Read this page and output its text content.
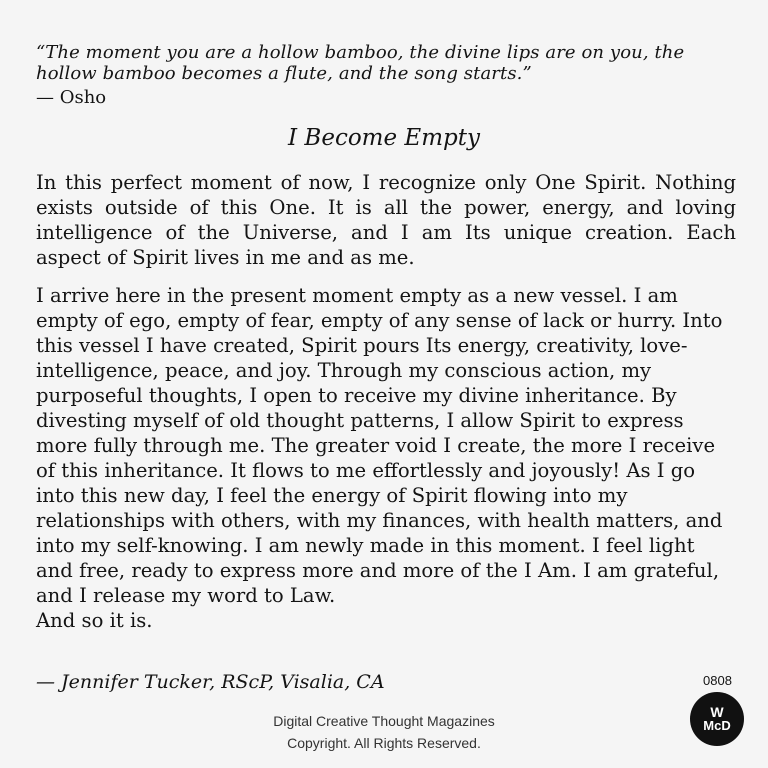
“The moment you are a hollow bamboo, the divine lips are on you, the hollow bamboo becomes a flute, and the song starts.”
— Osho
I Become Empty

In this perfect moment of now, I recognize only One Spirit. Nothing exists outside of this One. It is all the power, energy, and loving intelligence of the Universe, and I am Its unique creation. Each aspect of Spirit lives in me and as me.

I arrive here in the present moment empty as a new vessel. I am empty of ego, empty of fear, empty of any sense of lack or hurry. Into this vessel I have created, Spirit pours Its energy, creativity, love-intelligence, peace, and joy. Through my conscious action, my purposeful thoughts, I open to receive my divine inheritance. By divesting myself of old thought patterns, I allow Spirit to express more fully through me. The greater void I create, the more I receive of this inheritance. It flows to me effortlessly and joyously! As I go into this new day, I feel the energy of Spirit flowing into my relationships with others, with my finances, with health matters, and into my self-knowing. I am newly made in this moment. I feel light and free, ready to express more and more of the I Am. I am grateful, and I release my word to Law.

And so it is.

— Jennifer Tucker, RScP, Visalia, CA	0808
Digital Creative Thought Magazines
Copyright. All Rights Reserved.
W
McD
